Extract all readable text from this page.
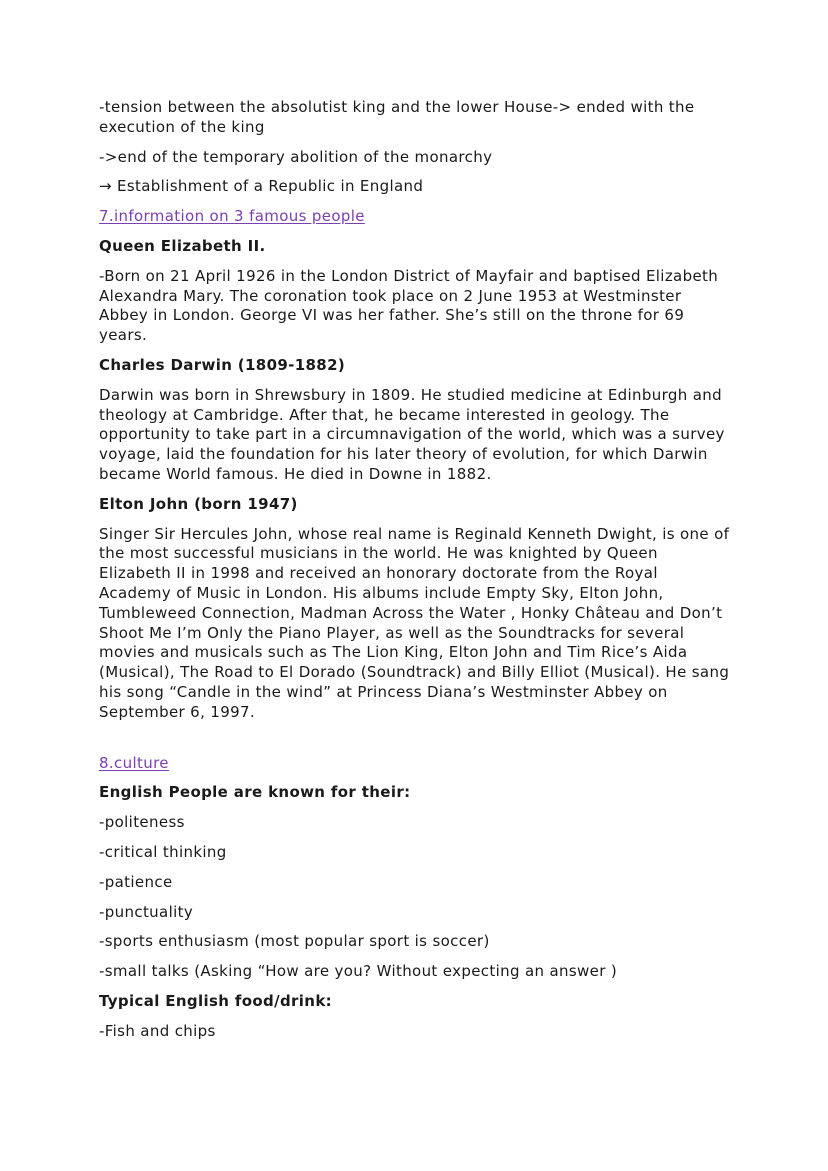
-tension between the absolutist king and the lower House-> ended with the execution of the king

->end of the temporary abolition of the monarchy

→ Establishment of a Republic in England

7.information on 3 famous people

Queen Elizabeth II.

-Born on 21 April 1926 in the London District of Mayfair and baptised Elizabeth Alexandra Mary. The coronation took place on 2 June 1953 at Westminster Abbey in London. George VI was her father. She’s still on the throne for 69 years.

Charles Darwin (1809-1882)

Darwin was born in Shrewsbury in 1809. He studied medicine at Edinburgh and theology at Cambridge. After that, he became interested in geology. The opportunity to take part in a circumnavigation of the world, which was a survey voyage, laid the foundation for his later theory of evolution, for which Darwin became World famous. He died in Downe in 1882.

Elton John (born 1947)

Singer Sir Hercules John, whose real name is Reginald Kenneth Dwight, is one of the most successful musicians in the world. He was knighted by Queen Elizabeth II in 1998 and received an honorary doctorate from the Royal Academy of Music in London. His albums include Empty Sky, Elton John, Tumbleweed Connection, Madman Across the Water , Honky Château and Don’t Shoot Me I’m Only the Piano Player, as well as the Soundtracks for several movies and musicals such as The Lion King, Elton John and Tim Rice’s Aida (Musical), The Road to El Dorado (Soundtrack) and Billy Elliot (Musical). He sang his song “Candle in the wind” at Princess Diana’s Westminster Abbey on September 6, 1997.

8.culture

English People are known for their:

-politeness

-critical thinking

-patience

-punctuality

-sports enthusiasm (most popular sport is soccer)

-small talks (Asking “How are you? Without expecting an answer )

Typical English food/drink:

-Fish and chips
